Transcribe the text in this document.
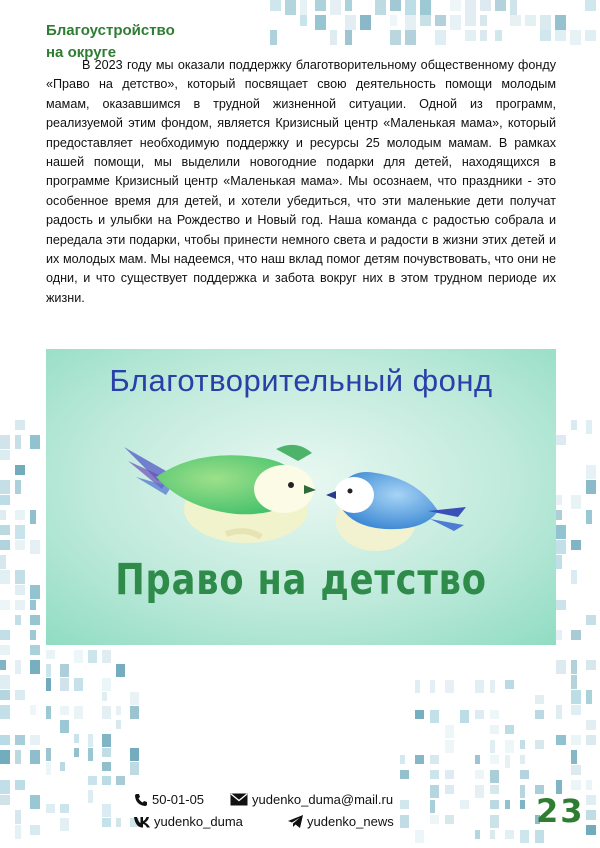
Благоустройство
на округе

В 2023 году мы оказали поддержку благотворительному общественному фонду «Право на детство», который посвящает свою деятельность помощи молодым мамам, оказавшимся в трудной жизненной ситуации. Одной из программ, реализуемой этим фондом, является Кризисный центр «Маленькая мама», который предоставляет необходимую поддержку и ресурсы 25 молодым мамам. В рамках нашей помощи, мы выделили новогодние подарки для детей, находящихся в программе Кризисный центр «Маленькая мама». Мы осознаем, что праздники - это особенное время для детей, и хотели убедиться, что эти маленькие дети получат радость и улыбки на Рождество и Новый год. Наша команда с радостью собрала и передала эти подарки, чтобы принести немного света и радости в жизни этих детей и их молодых мам. Мы надеемся, что наш вклад помог детям почувствовать, что они не одни, и что существует поддержка и забота вокруг них в этом трудном периоде их жизни.

Благотворительный фонд
Право на детство
50-01-05	yudenko_duma@mail.ru
yudenko_duma	yudenko_news	23
